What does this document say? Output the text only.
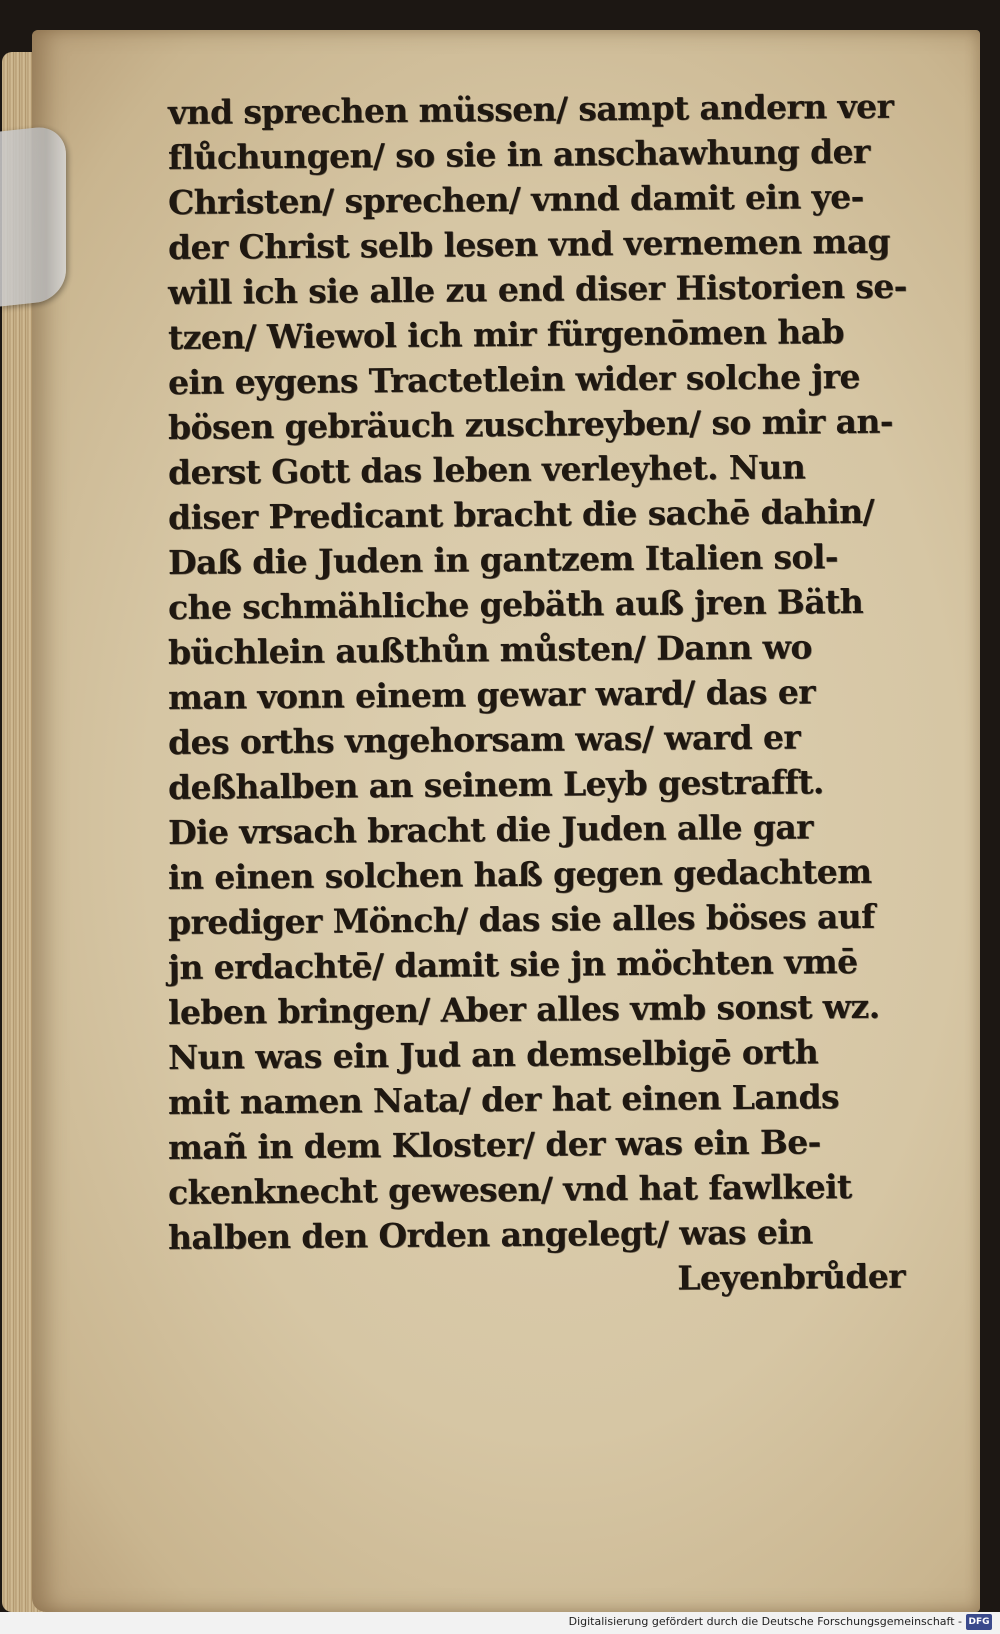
vnd sprechen müssen/ sampt andern ver
flůchungen/ so sie in anschawhung der
Christen/ sprechen/ vnnd damit ein ye-
der Christ selb lesen vnd vernemen mag
will ich sie alle zu end diser Historien se-
tzen/ Wiewol ich mir fürgenōmen hab
ein eygens Tractetlein wider solche jre
bösen gebräuch zuschreyben/ so mir an-
derst Gott das leben verleyhet. Nun
diser Predicant bracht die sachē dahin/
Daß die Juden in gantzem Italien sol-
che schmähliche gebäth auß jren Bäth
büchlein außthůn můsten/ Dann wo
man vonn einem gewar ward/ das er
des orths vngehorsam was/ ward er
deßhalben an seinem Leyb gestrafft.
Die vrsach bracht die Juden alle gar
in einen solchen haß gegen gedachtem
prediger Mönch/ das sie alles böses auf
jn erdachtē/ damit sie jn möchten vmē
leben bringen/ Aber alles vmb sonst wz.
Nun was ein Jud an demselbigē orth
mit namen Nata/ der hat einen Lands
mañ in dem Kloster/ der was ein Be-
ckenknecht gewesen/ vnd hat fawlkeit
halben den Orden angelegt/ was ein
Leyenbrůder
Digitalisierung gefördert durch die Deutsche Forschungsgemeinschaft - DFG
